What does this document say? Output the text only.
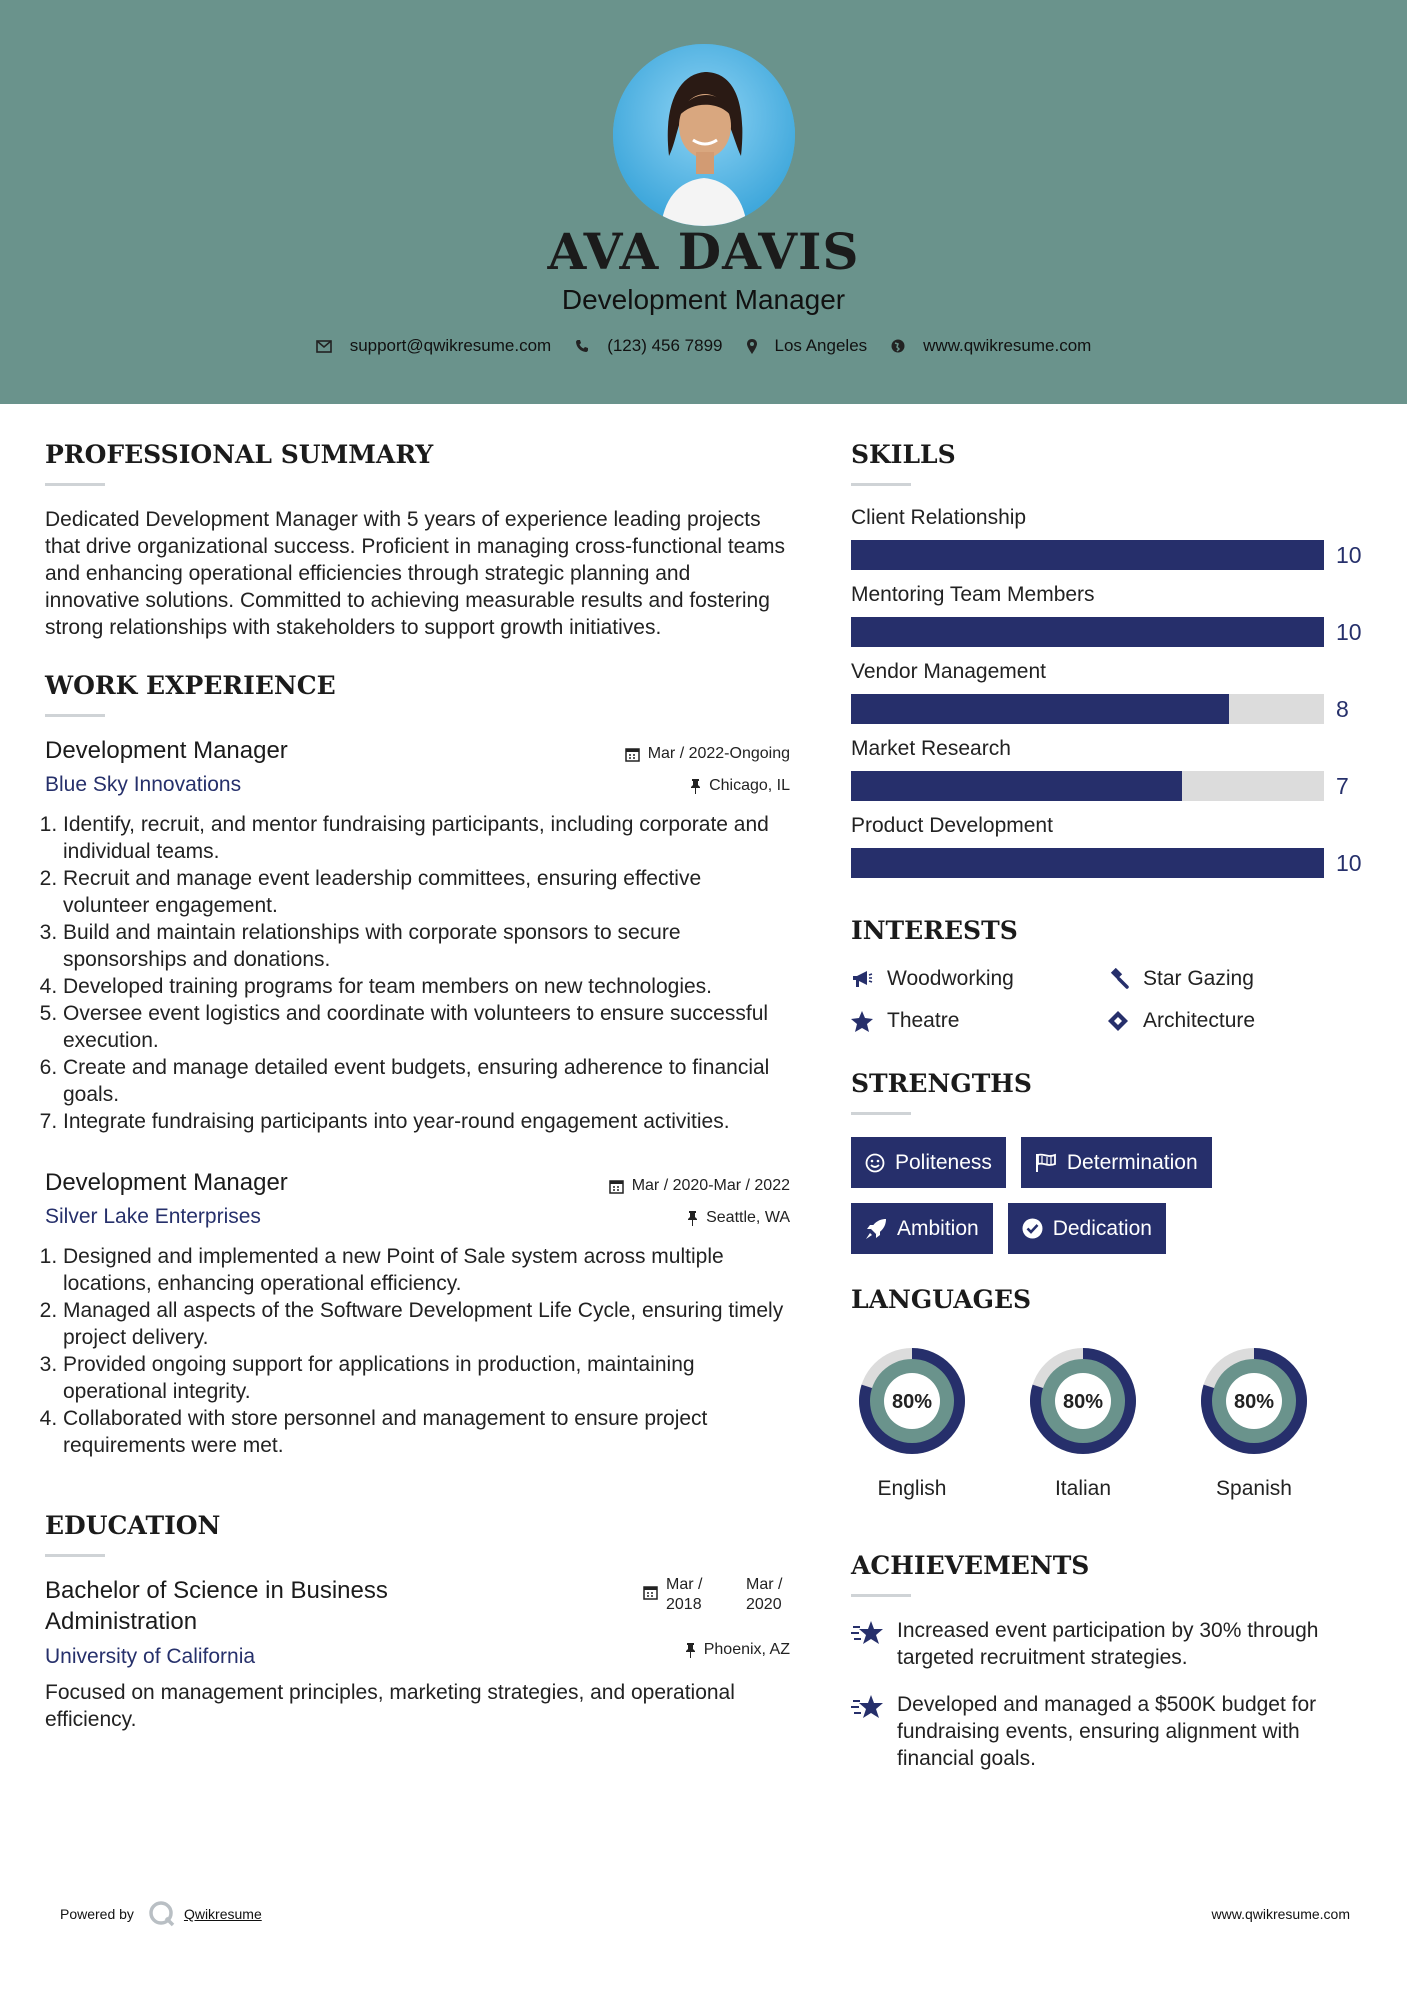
AVA DAVIS
Development Manager
support@qwikresume.com	(123) 456 7899	Los Angeles	www.qwikresume.com
PROFESSIONAL SUMMARY

Dedicated Development Manager with 5 years of experience leading projects that drive organizational success. Proficient in managing cross-functional teams and enhancing operational efficiencies through strategic planning and innovative solutions. Committed to achieving measurable results and fostering strong relationships with stakeholders to support growth initiatives.

WORK EXPERIENCE
Mar / 2022-Ongoing
Chicago, IL
Development Manager
Blue Sky Innovations
1. Identify, recruit, and mentor fundraising participants, including corporate and individual teams.
2. Recruit and manage event leadership committees, ensuring effective volunteer engagement.
3. Build and maintain relationships with corporate sponsors to secure sponsorships and donations.
4. Developed training programs for team members on new technologies.
5. Oversee event logistics and coordinate with volunteers to ensure successful execution.
6. Create and manage detailed event budgets, ensuring adherence to financial goals.
7. Integrate fundraising participants into year-round engagement activities.
Mar / 2020-Mar / 2022
Seattle, WA
Development Manager
Silver Lake Enterprises
1. Designed and implemented a new Point of Sale system across multiple locations, enhancing operational efficiency.
2. Managed all aspects of the Software Development Life Cycle, ensuring timely project delivery.
3. Provided ongoing support for applications in production, maintaining operational integrity.
4. Collaborated with store personnel and management to ensure project requirements were met.
EDUCATION
Mar / 2018
Mar / 2020
Phoenix, AZ
Bachelor of Science in Business Administration
University of California

Focused on management principles, marketing strategies, and operational efficiency.

SKILLS
Client Relationship
10
Mentoring Team Members
10
Vendor Management
8
Market Research
7
Product Development
10
INTERESTS
Woodworking	Star Gazing
Theatre	Architecture
STRENGTHS
Politeness	Determination
Ambition	Dedication
LANGUAGES
80%
English
80%
Italian
80%
Spanish
ACHIEVEMENTS
Increased event participation by 30% through targeted recruitment strategies.
Developed and managed a $500K budget for fundraising events, ensuring alignment with financial goals.
Powered by	Qwikresume	www.qwikresume.com
